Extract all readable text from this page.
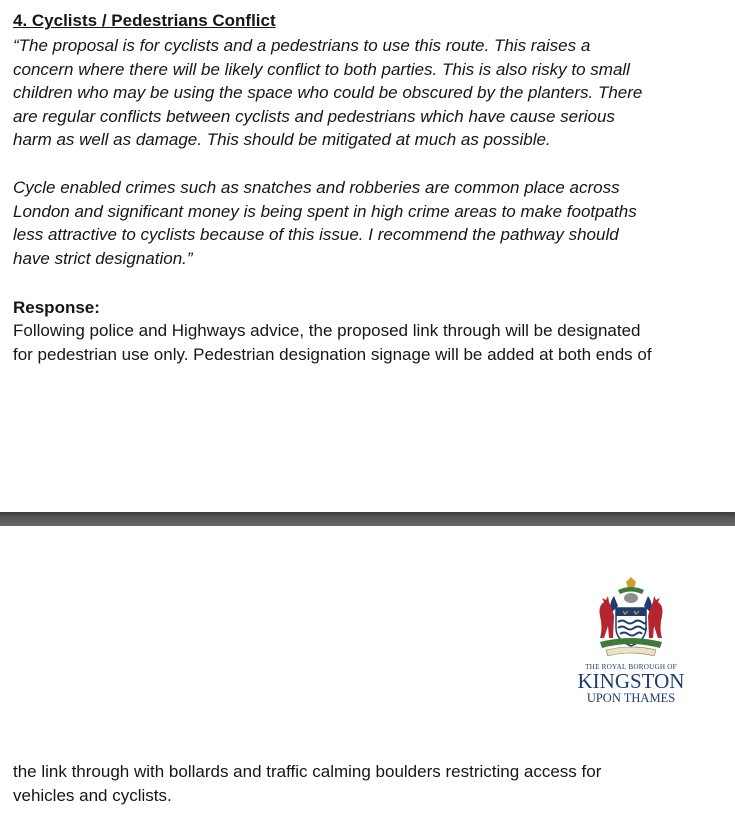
4. Cyclists / Pedestrians Conflict
“The proposal is for cyclists and a pedestrians to use this route. This raises a
concern where there will be likely conflict to both parties. This is also risky to small
children who may be using the space who could be obscured by the planters. There
are regular conflicts between cyclists and pedestrians which have cause serious
harm as well as damage. This should be mitigated at much as possible.
Cycle enabled crimes such as snatches and robberies are common place across
London and significant money is being spent in high crime areas to make footpaths
less attractive to cyclists because of this issue. I recommend the pathway should
have strict designation.”

Response:

Following police and Highways advice, the proposed link through will be designated
for pedestrian use only. Pedestrian designation signage will be added at both ends of
THE ROYAL BOROUGH OF
KINGSTON
UPON THAMES
the link through with bollards and traffic calming boulders restricting access for
vehicles and cyclists.
